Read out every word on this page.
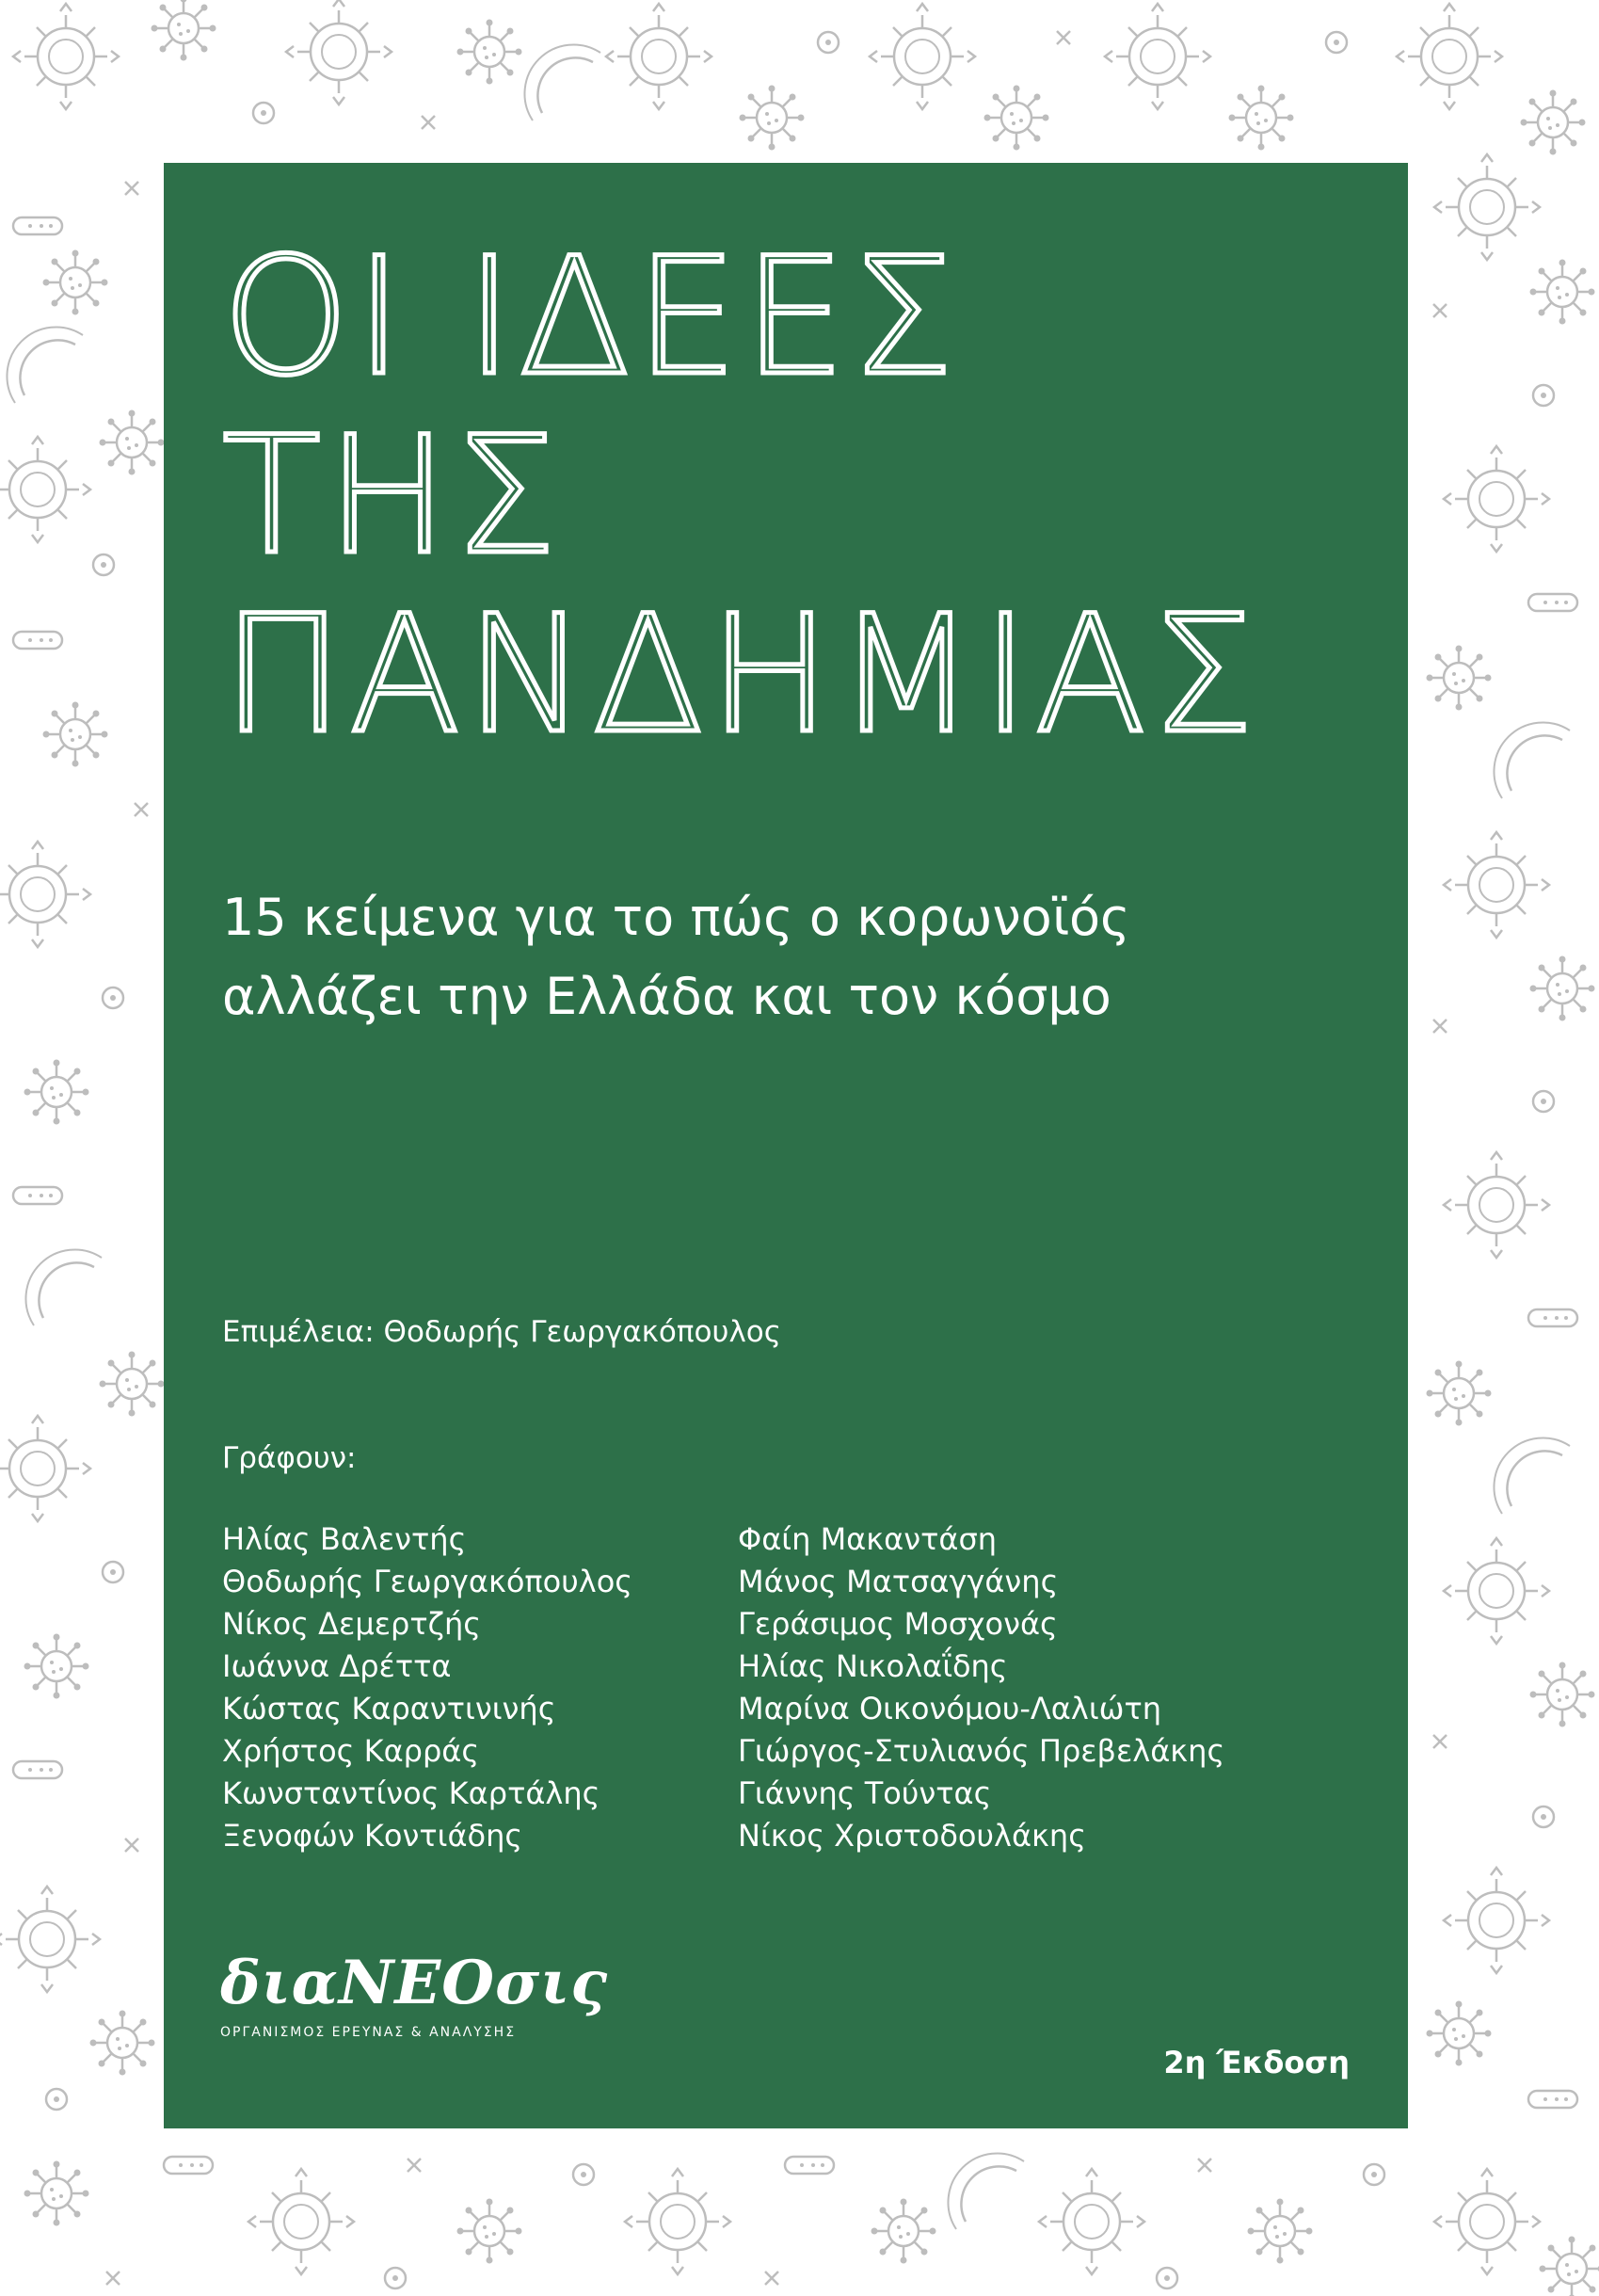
ΟΙ ΙΔΕΕΣ
ΤΗΣ
ΠΑΝΔΗΜΙΑΣ
15 κείμενα για το πώς ο κορωνοϊός
αλλάζει την Ελλάδα και τον κόσμο
Επιμέλεια: Θοδωρής Γεωργακόπουλος
Γράφουν:
Ηλίας Βαλεντής
Θοδωρής Γεωργακόπουλος
Νίκος Δεμερτζής
Ιωάννα Δρέττα
Κώστας Καραντινινής
Χρήστος Καρράς
Κωνσταντίνος Καρτάλης
Ξενοφών Κοντιάδης
Φαίη Μακαντάση
Μάνος Ματσαγγάνης
Γεράσιμος Μοσχονάς
Ηλίας Νικολαΐδης
Μαρίνα Οικονόμου-Λαλιώτη
Γιώργος-Στυλιανός Πρεβελάκης
Γιάννης Τούντας
Νίκος Χριστοδουλάκης
διαΝΕΟσις
ΟΡΓΑΝΙΣΜΟΣ ΕΡΕΥΝΑΣ & ΑΝΑΛΥΣΗΣ
2η Έκδοση
